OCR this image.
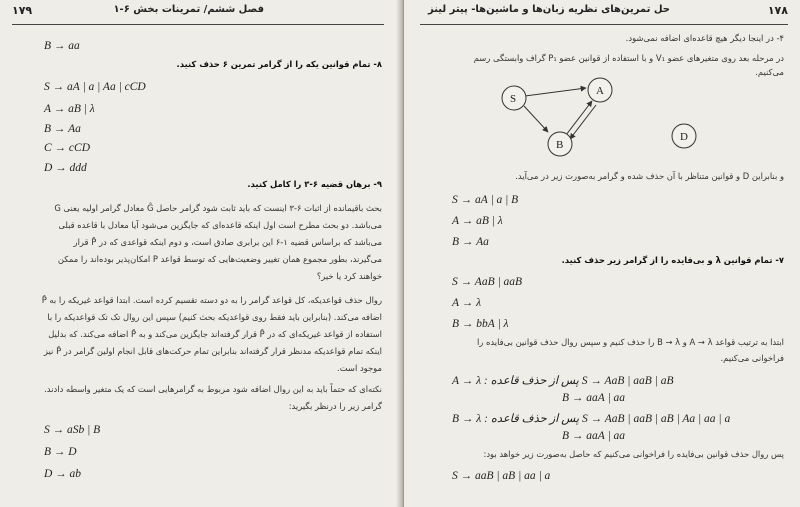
۱۷۹	فصل ششم/ تمرینات بخش ۶-۱
B → aa
۸- تمام قوانین یکه را از گرامر تمرین ۶ حذف کنید.
S → aA | a | Aa | cCD
A → aB | λ
B → Aa
C → cCD
D → ddd
۹- برهان قضیه ۶-۳ را کامل کنید.
بحث باقیمانده از اثبات ۶-۳ اینست که باید ثابت شود گرامر حاصل Ĝ معادل گرامر اولیه یعنی G
می‌باشد. دو بحث مطرح است اول اینکه قاعده‌ای که جایگزین می‌شود آیا معادل با قاعده قبلی
می‌باشد که براساس قضیه ۱-۶ این برابری صادق است، و دوم اینکه قواعدی که در P̂ قرار
می‌گیرند، بطور مجموع همان تغییر وضعیت‌هایی که توسط قواعد P امکان‌پذیر بوده‌اند را ممکن
خواهند کرد یا خیر؟
روال حذف قواعدیکه، کل قواعد گرامر را به دو دسته تقسیم کرده است. ابتدا قواعد غیریکه را به P̂
اضافه می‌کند. (بنابراین باید فقط روی قواعدیکه بحث کنیم) سپس این روال تک تک قواعدیکه را با
استفاده از قواعد غیریکه‌ای که در P̂ قرار گرفته‌اند جایگزین می‌کند و به P̂ اضافه می‌کند. که بدلیل
اینکه تمام قواعدیکه مدنظر قرار گرفته‌اند بنابراین تمام حرکت‌های قابل انجام اولین گرامر در P̂ نیز
موجود است.
نکته‌ای که حتماً باید به این روال اضافه شود مربوط به گرامرهایی است که یک متغیر واسطه دادند.
گرامر زیر را درنظر بگیرید:
S → aSb | B
B → D
D → ab
حل تمرین‌های نظریه زبان‌ها و ماشین‌ها- پیتر لینز	۱۷۸
۴- در اینجا دیگر هیچ قاعده‌ای اضافه نمی‌شود.
در مرحله بعد روی متغیرهای عضو V₁ و با استفاده از قوانین عضو P₁ گراف وابستگی رسم
می‌کنیم.
S
A
B
D
و بنابراین D و قوانین متناظر با آن حذف شده و گرامر به‌صورت زیر در می‌آید.
S → aA | a | B
A → aB | λ
B → Aa
۷- تمام قوانین λ و بی‌فایده را از گرامر زیر حذف کنید.
S → AaB | aaB
A → λ
B → bbA | λ
ابتدا به ترتیب قواعد A → λ و B → λ را حذف کنیم و سپس روال حذف قوانین بی‌فایده را
فراخوانی می‌کنیم.
A → λ : پس از حذف قاعده S → AaB | aaB | aB
B → aaA | aa
B → λ : پس از حذف قاعده S → AaB | aaB | aB | Aa | aa | a
B → aaA | aa
پس روال حذف قوانین بی‌فایده را فراخوانی می‌کنیم که حاصل به‌صورت زیر خواهد بود:
S → aaB | aB | aa | a
